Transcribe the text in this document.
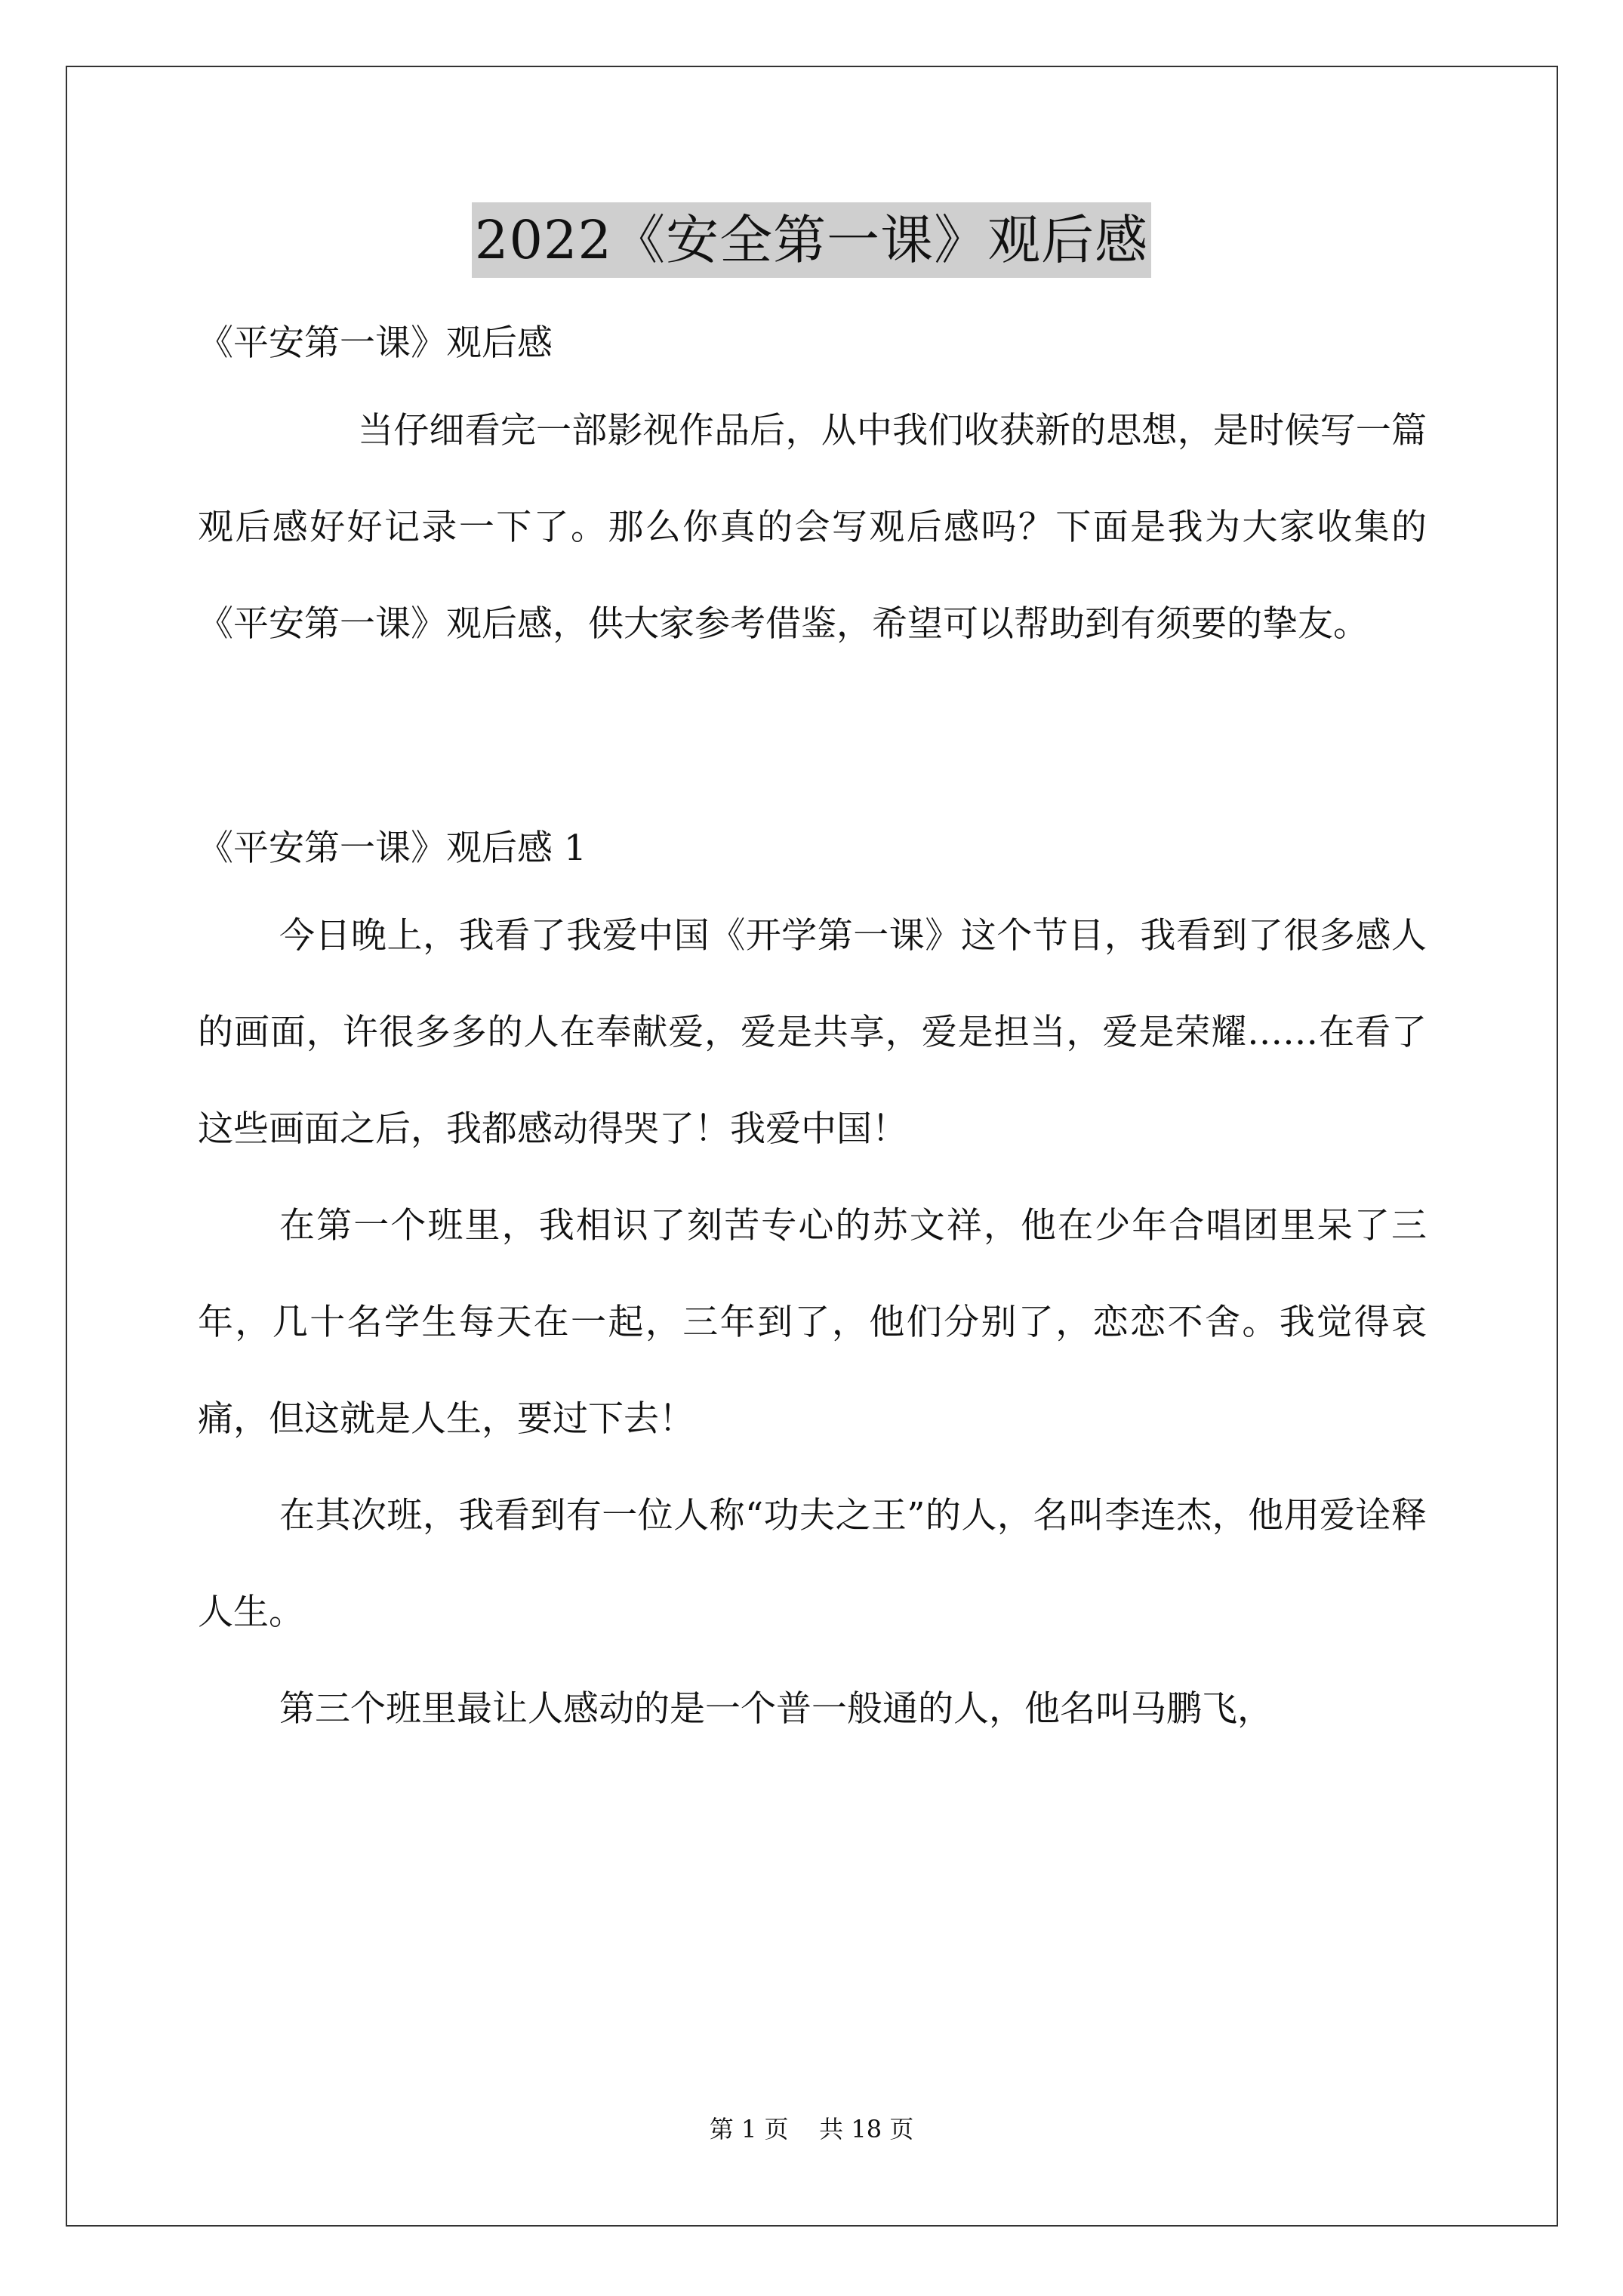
2022《安全第一课》观后感
《平安第一课》观后感

当仔细看完一部影视作品后，从中我们收获新的思想，是时候写一篇观后感好好记录一下了。那么你真的会写观后感吗？下面是我为大家收集的《平安第一课》观后感，供大家参考借鉴，希望可以帮助到有须要的挚友。

《平安第一课》观后感 1

今日晚上，我看了我爱中国《开学第一课》这个节目，我看到了很多感人的画面，许很多多的人在奉献爱，爱是共享，爱是担当，爱是荣耀……在看了这些画面之后，我都感动得哭了！我爱中国！

在第一个班里，我相识了刻苦专心的苏文祥，他在少年合唱团里呆了三年，几十名学生每天在一起，三年到了，他们分别了，恋恋不舍。我觉得哀痛，但这就是人生，要过下去！

在其次班，我看到有一位人称“功夫之王”的人，名叫李连杰，他用爱诠释人生。

第三个班里最让人感动的是一个普一般通的人，他名叫马鹏飞，

第 1 页    共 18 页
